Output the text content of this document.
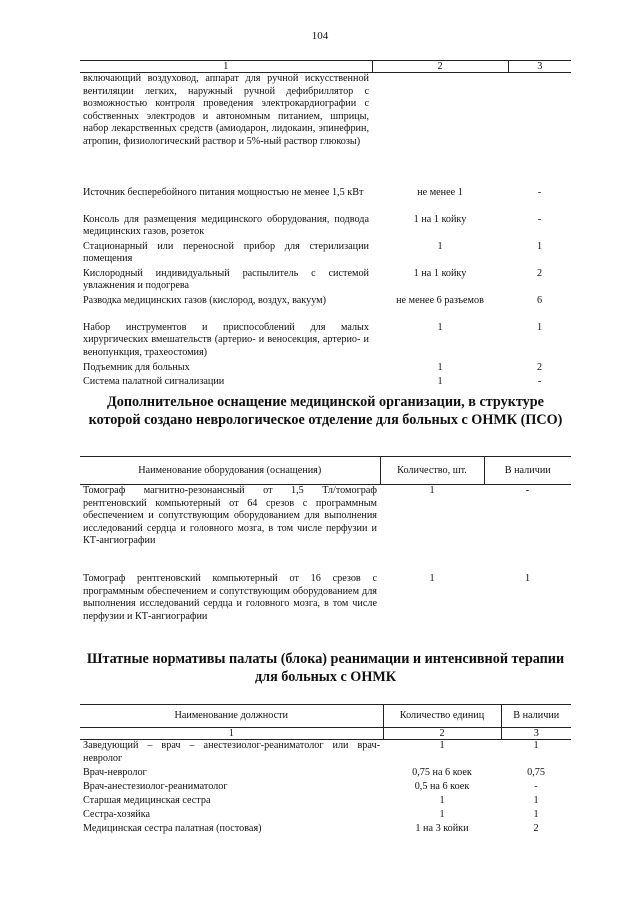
104
1	2	3
включающий воздуховод, аппарат для ручной искусственной вентиляции легких, наружный ручной дефибриллятор с возможностью контроля проведения электрокардиографии с собственных электродов и автономным питанием, шприцы, набор лекарственных средств (амиодарон, лидокаин, эпинефрин, атропин, физиологический раствор и 5%-ный раствор глюкозы)		
Источник бесперебойного питания мощностью не менее 1,5 кВт	не менее 1	-
Консоль для размещения медицинского оборудования, подвода медицинских газов, розеток	1 на 1 койку	-
Стационарный или переносной прибор для стерилизации помещения	1	1
Кислородный индивидуальный распылитель с системой увлажнения и подогрева	1 на 1 койку	2
Разводка медицинских газов (кислород, воздух, вакуум)	не менее 6 разъемов	6
Набор инструментов и приспособлений для малых хирургических вмешательств (артерио- и веносекция, артерио- и венопункция, трахеостомия)	1	1
Подъемник для больных	1	2
Система палатной сигнализации	1	-
Дополнительное оснащение медицинской организации, в структуре которой создано неврологическое отделение для больных с ОНМК (ПСО)
Наименование оборудования (оснащения)	Количество, шт.	В наличии
Томограф магнитно-резонансный от 1,5 Тл/томограф рентгеновский компьютерный от 64 срезов с программным обеспечением и сопутствующим оборудованием для выполнения исследований сердца и головного мозга, в том числе перфузии и КТ-ангиографии	1	-
Томограф рентгеновский компьютерный от 16 срезов с программным обеспечением и сопутствующим оборудованием для выполнения исследований сердца и головного мозга, в том числе перфузии и КТ-ангиографии	1	1
Штатные нормативы палаты (блока) реанимации и интенсивной терапии для больных с ОНМК
Наименование должности	Количество единиц	В наличии
1	2	3
Заведующий – врач – анестезиолог-реаниматолог или врач-невролог	1	1
Врач-невролог	0,75 на 6 коек	0,75
Врач-анестезиолог-реаниматолог	0,5 на 6 коек	-
Старшая медицинская сестра	1	1
Сестра-хозяйка	1	1
Медицинская сестра палатная (постовая)	1 на 3 койки	2
